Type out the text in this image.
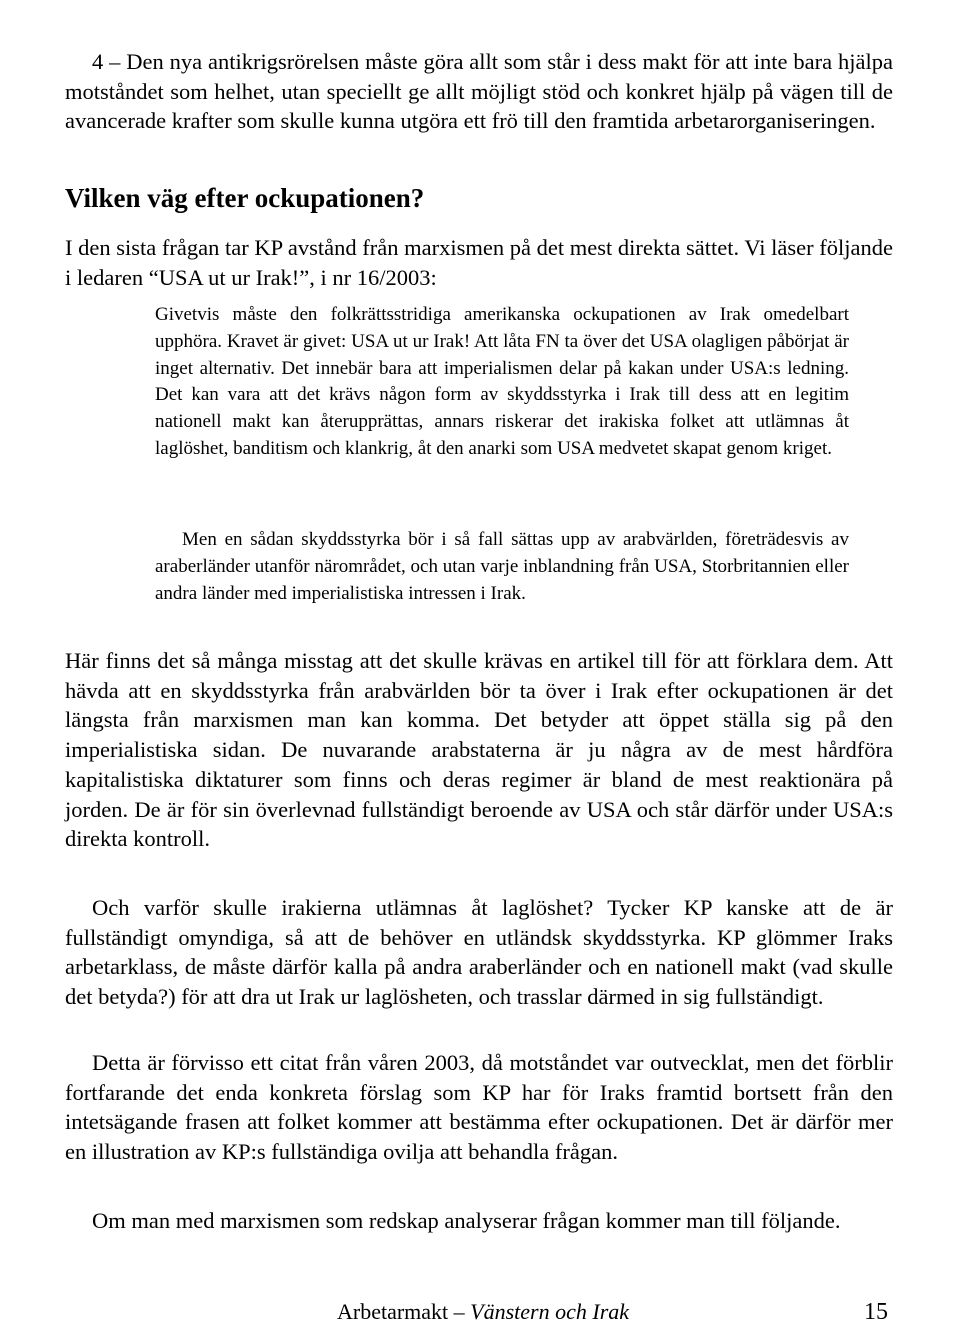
4 – Den nya antikrigsrörelsen måste göra allt som står i dess makt för att inte bara hjälpa motståndet som helhet, utan speciellt ge allt möjligt stöd och konkret hjälp på vägen till de avancerade krafter som skulle kunna utgöra ett frö till den framtida arbetarorganiseringen.

Vilken väg efter ockupationen?

I den sista frågan tar KP avstånd från marxismen på det mest direkta sättet. Vi läser följande i ledaren “USA ut ur Irak!”, i nr 16/2003:

Givetvis måste den folkrättsstridiga amerikanska ockupationen av Irak omedelbart upphöra. Kravet är givet: USA ut ur Irak! Att låta FN ta över det USA olagligen påbörjat är inget alternativ. Det innebär bara att imperialismen delar på kakan under USA:s ledning. Det kan vara att det krävs någon form av skyddsstyrka i Irak till dess att en legitim nationell makt kan återupprättas, annars riskerar det irakiska folket att utlämnas åt laglöshet, banditism och klankrig, åt den anarki som USA medvetet skapat genom kriget.

Men en sådan skyddsstyrka bör i så fall sättas upp av arabvärlden, företrädesvis av araberländer utanför närområdet, och utan varje inblandning från USA, Storbritannien eller andra länder med imperialistiska intressen i Irak.

Här finns det så många misstag att det skulle krävas en artikel till för att förklara dem. Att hävda att en skyddsstyrka från arabvärlden bör ta över i Irak efter ockupationen är det längsta från marxismen man kan komma. Det betyder att öppet ställa sig på den imperialistiska sidan. De nuvarande arabstaterna är ju några av de mest hårdföra kapitalistiska diktaturer som finns och deras regimer är bland de mest reaktionära på jorden. De är för sin överlevnad fullständigt beroende av USA och står därför under USA:s direkta kontroll.

Och varför skulle irakierna utlämnas åt laglöshet? Tycker KP kanske att de är fullständigt omyndiga, så att de behöver en utländsk skyddsstyrka. KP glömmer Iraks arbetarklass, de måste därför kalla på andra araberländer och en nationell makt (vad skulle det betyda?) för att dra ut Irak ur laglösheten, och trasslar därmed in sig fullständigt.

Detta är förvisso ett citat från våren 2003, då motståndet var outvecklat, men det förblir fortfarande det enda konkreta förslag som KP har för Iraks framtid bortsett från den intetsägande frasen att folket kommer att bestämma efter ockupationen. Det är därför mer en illustration av KP:s fullständiga ovilja att behandla frågan.

Om man med marxismen som redskap analyserar frågan kommer man till följande.

Arbetarmakt – Vänstern och Irak	15
